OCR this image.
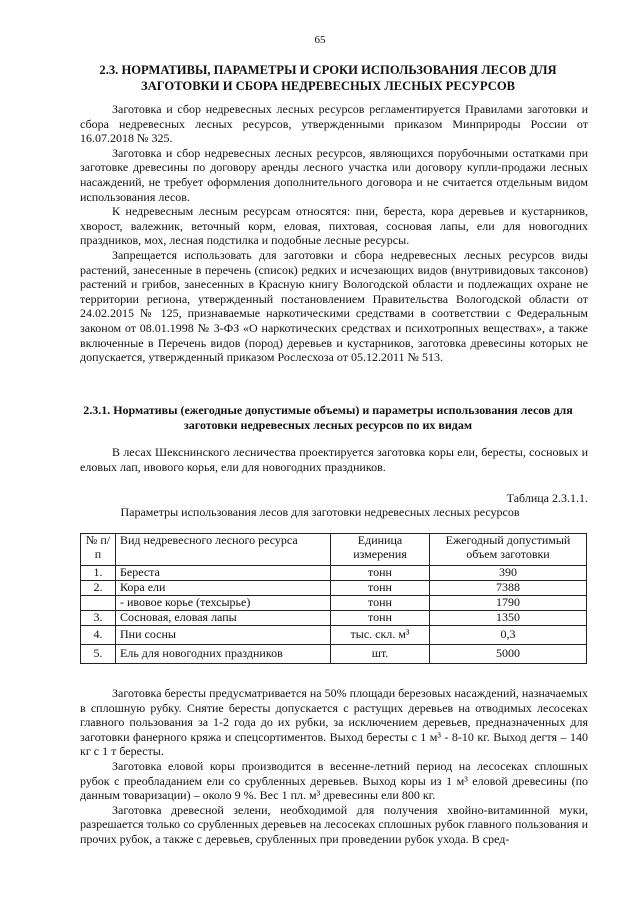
65
2.3. НОРМАТИВЫ, ПАРАМЕТРЫ И СРОКИ ИСПОЛЬЗОВАНИЯ ЛЕСОВ ДЛЯ ЗАГОТОВКИ И СБОРА НЕДРЕВЕСНЫХ ЛЕСНЫХ РЕСУРСОВ

Заготовка и сбор недревесных лесных ресурсов регламентируется Правилами заготовки и сбора недревесных лесных ресурсов, утвержденными приказом Минприроды России от 16.07.2018 № 325.

Заготовка и сбор недревесных лесных ресурсов, являющихся порубочными остатками при заготовке древесины по договору аренды лесного участка или договору купли-продажи лесных насаждений, не требует оформления дополнительного договора и не считается отдельным видом использования лесов.

К недревесным лесным ресурсам относятся: пни, береста, кора деревьев и кустарников, хворост, валежник, веточный корм, еловая, пихтовая, сосновая лапы, ели для новогодних праздников, мох, лесная подстилка и подобные лесные ресурсы.

Запрещается использовать для заготовки и сбора недревесных лесных ресурсов виды растений, занесенные в перечень (список) редких и исчезающих видов (внутривидовых таксонов) растений и грибов, занесенных в Красную книгу Вологодской области и подлежащих охране не территории региона, утвержденный постановлением Правительства Вологодской области от 24.02.2015 № 125, признаваемые наркотическими средствами в соответствии с Федеральным законом от 08.01.1998 № 3-ФЗ «О наркотических средствах и психотропных веществах», а также включенные в Перечень видов (пород) деревьев и кустарников, заготовка древесины которых не допускается, утвержденный приказом Рослесхоза от 05.12.2011 № 513.

2.3.1. Нормативы (ежегодные допустимые объемы) и параметры использования лесов для заготовки недревесных лесных ресурсов по их видам

В лесах Шекснинского лесничества проектируется заготовка коры ели, бересты, сосновых и еловых лап, ивового корья, ели для новогодних праздников.

Таблица 2.3.1.1.
Параметры использования лесов для заготовки недревесных лесных ресурсов
№ п/п	Вид недревесного лесного ресурса	Единица измерения	Ежегодный допустимый объем заготовки
1.	Береста	тонн	390
2.	Кора ели	тонн	7388
	- ивовое корье (техсырье)	тонн	1790
3.	Сосновая, еловая лапы	тонн	1350
4.	Пни сосны	тыс. скл. м³	0,3
5.	Ель для новогодних праздников	шт.	5000

Заготовка бересты предусматривается на 50% площади березовых насаждений, назначаемых в сплошную рубку. Снятие бересты допускается с растущих деревьев на отводимых лесосеках главного пользования за 1-2 года до их рубки, за исключением деревьев, предназначенных для заготовки фанерного кряжа и спецсортиментов. Выход бересты с 1 м³ - 8-10 кг. Выход дегтя – 140 кг с 1 т бересты.

Заготовка еловой коры производится в весенне-летний период на лесосеках сплошных рубок с преобладанием ели со срубленных деревьев. Выход коры из 1 м³ еловой древесины (по данным товаризации) – около 9 %. Вес 1 пл. м³ древесины ели 800 кг.

Заготовка древесной зелени, необходимой для получения хвойно-витаминной муки, разрешается только со срубленных деревьев на лесосеках сплошных рубок главного пользования и прочих рубок, а также с деревьев, срубленных при проведении рубок ухода. В сред-
